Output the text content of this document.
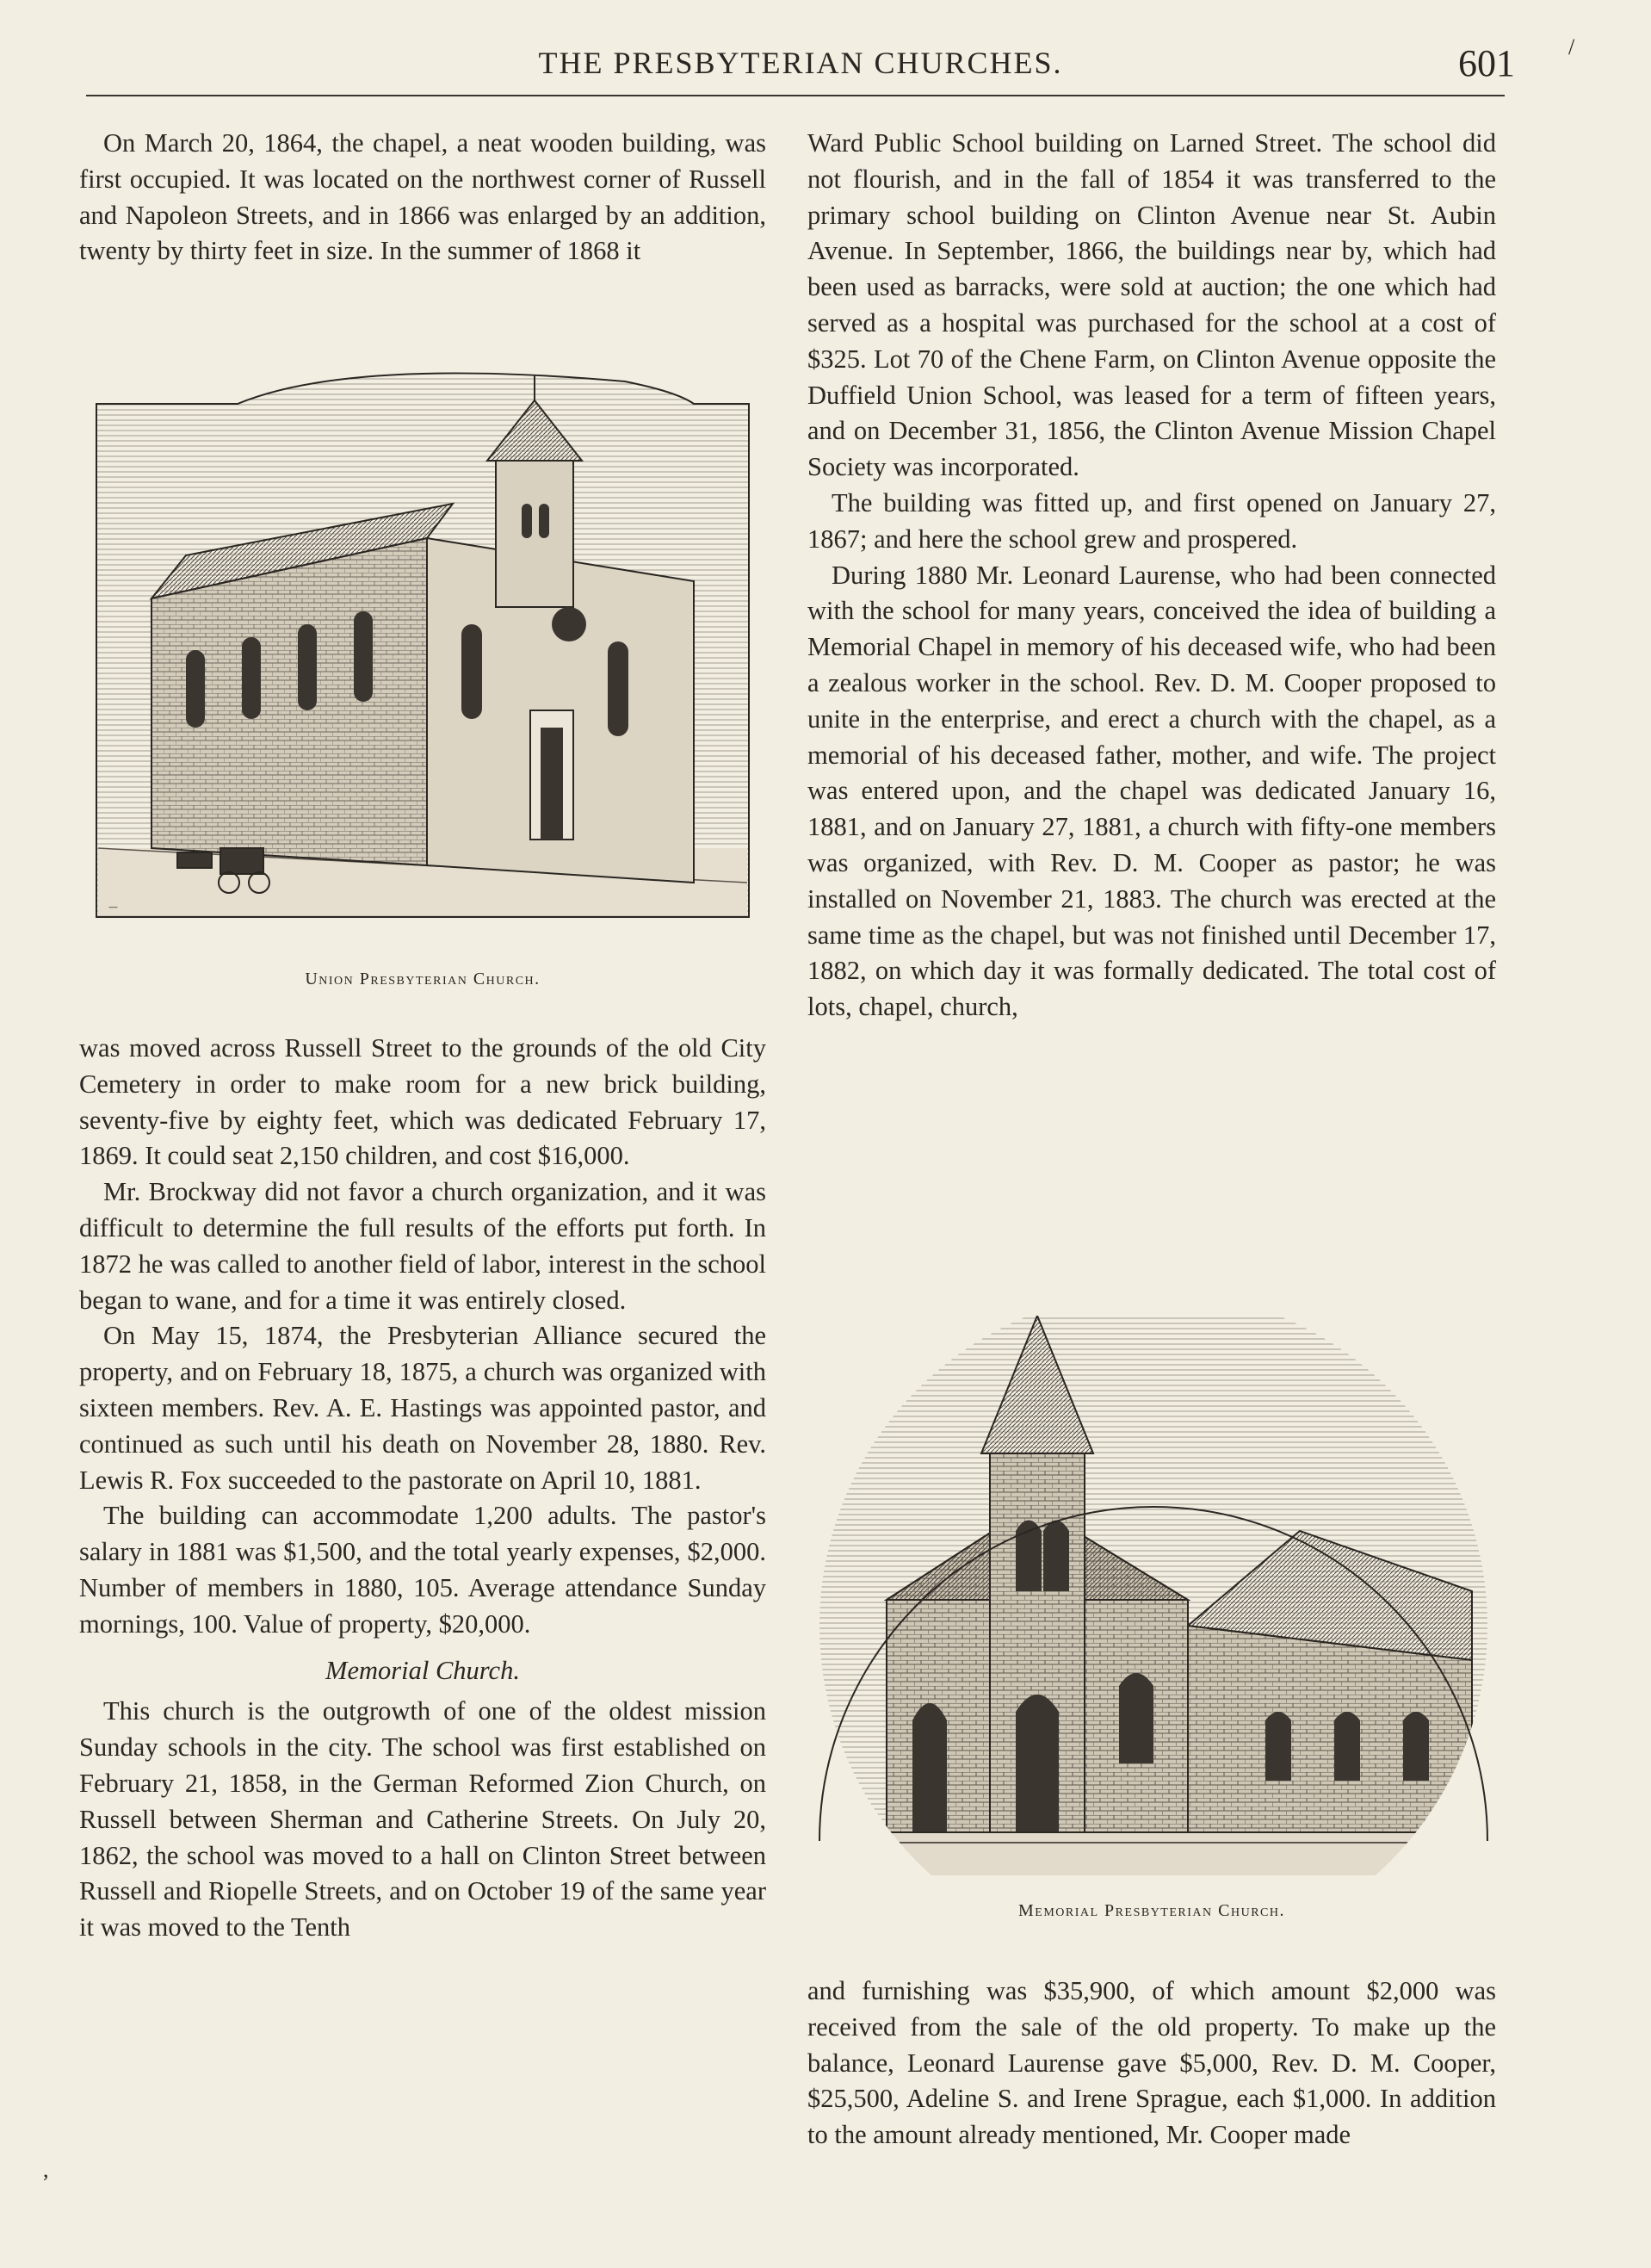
THE PRESBYTERIAN CHURCHES.	601 /

On March 20, 1864, the chapel, a neat wooden building, was first occupied. It was located on the northwest corner of Russell and Napoleon Streets, and in 1866 was enlarged by an addition, twenty by thirty feet in size. In the summer of 1868 it

—
Union Presbyterian Church.

was moved across Russell Street to the grounds of the old City Cemetery in order to make room for a new brick building, seventy-five by eighty feet, which was dedicated February 17, 1869. It could seat 2,150 children, and cost $16,000.

Mr. Brockway did not favor a church organization, and it was difficult to determine the full results of the efforts put forth. In 1872 he was called to another field of labor, interest in the school began to wane, and for a time it was entirely closed.

On May 15, 1874, the Presbyterian Alliance secured the property, and on February 18, 1875, a church was organized with sixteen members. Rev. A. E. Hastings was appointed pastor, and continued as such until his death on November 28, 1880. Rev. Lewis R. Fox succeeded to the pastorate on April 10, 1881.

The building can accommodate 1,200 adults. The pastor's salary in 1881 was $1,500, and the total yearly expenses, $2,000. Number of members in 1880, 105. Average attendance Sunday mornings, 100. Value of property, $20,000.

Memorial Church.

This church is the outgrowth of one of the oldest mission Sunday schools in the city. The school was first established on February 21, 1858, in the German Reformed Zion Church, on Russell between Sherman and Catherine Streets. On July 20, 1862, the school was moved to a hall on Clinton Street between Russell and Riopelle Streets, and on October 19 of the same year it was moved to the Tenth

Ward Public School building on Larned Street. The school did not flourish, and in the fall of 1854 it was transferred to the primary school building on Clinton Avenue near St. Aubin Avenue. In September, 1866, the buildings near by, which had been used as barracks, were sold at auction; the one which had served as a hospital was purchased for the school at a cost of $325. Lot 70 of the Chene Farm, on Clinton Avenue opposite the Duffield Union School, was leased for a term of fifteen years, and on December 31, 1856, the Clinton Avenue Mission Chapel Society was incorporated.

The building was fitted up, and first opened on January 27, 1867; and here the school grew and prospered.

During 1880 Mr. Leonard Laurense, who had been connected with the school for many years, conceived the idea of building a Memorial Chapel in memory of his deceased wife, who had been a zealous worker in the school. Rev. D. M. Cooper proposed to unite in the enterprise, and erect a church with the chapel, as a memorial of his deceased father, mother, and wife. The project was entered upon, and the chapel was dedicated January 16, 1881, and on January 27, 1881, a church with fifty-one members was organized, with Rev. D. M. Cooper as pastor; he was installed on November 21, 1883. The church was erected at the same time as the chapel, but was not finished until December 17, 1882, on which day it was formally dedicated. The total cost of lots, chapel, church,

Memorial Presbyterian Church.

and furnishing was $35,900, of which amount $2,000 was received from the sale of the old property. To make up the balance, Leonard Laurense gave $5,000, Rev. D. M. Cooper, $25,500, Adeline S. and Irene Sprague, each $1,000. In addition to the amount already mentioned, Mr. Cooper made

,
